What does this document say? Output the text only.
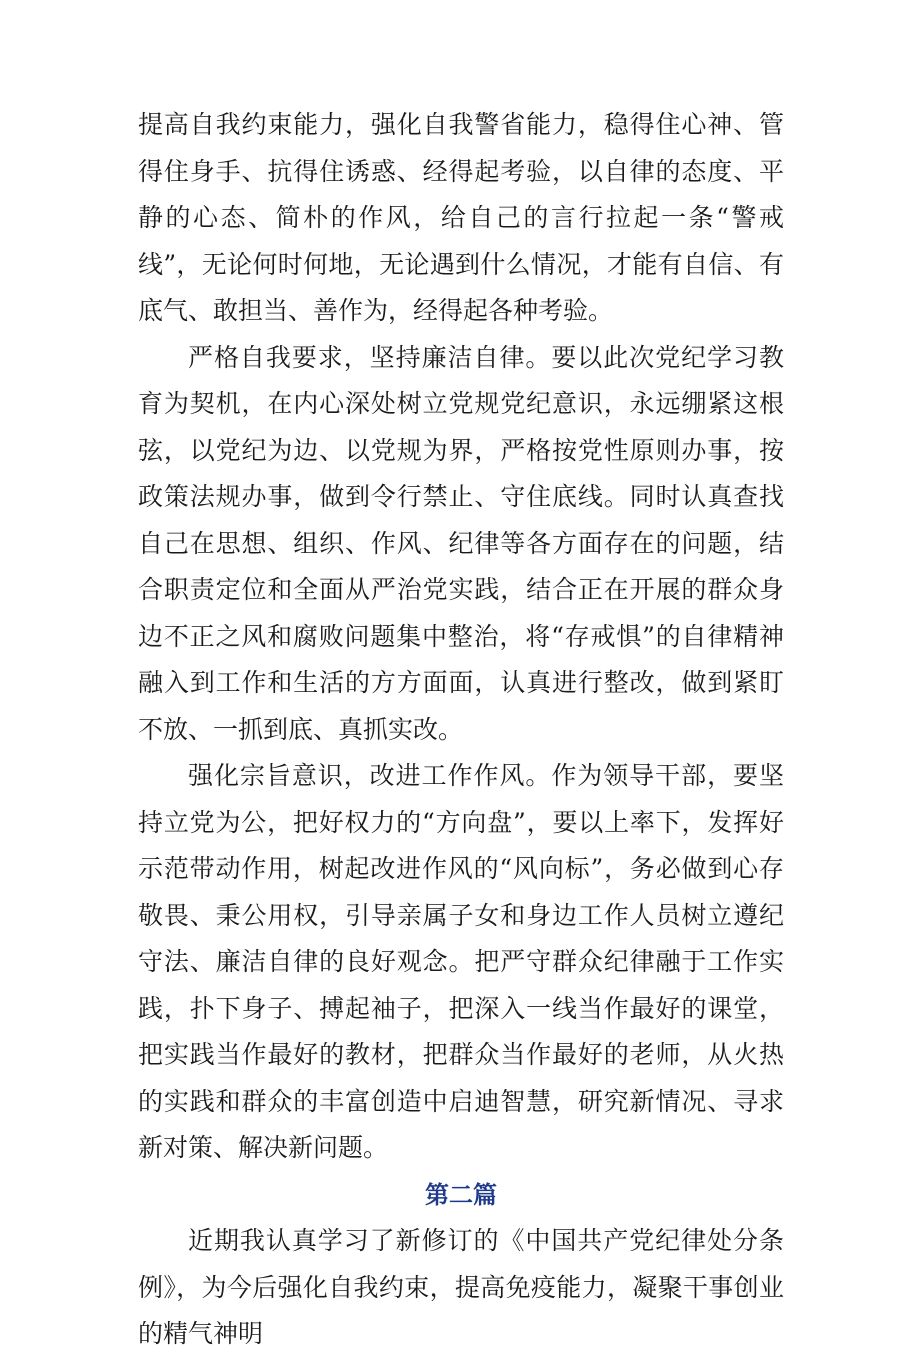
提高自我约束能力，强化自我警省能力，稳得住心神、管得住身手、抗得住诱惑、经得起考验，以自律的态度、平静的心态、简朴的作风，给自己的言行拉起一条“警戒线”，无论何时何地，无论遇到什么情况，才能有自信、有底气、敢担当、善作为，经得起各种考验。

严格自我要求，坚持廉洁自律。要以此次党纪学习教育为契机，在内心深处树立党规党纪意识，永远绷紧这根弦，以党纪为边、以党规为界，严格按党性原则办事，按政策法规办事，做到令行禁止、守住底线。同时认真查找自己在思想、组织、作风、纪律等各方面存在的问题，结合职责定位和全面从严治党实践，结合正在开展的群众身边不正之风和腐败问题集中整治，将“存戒惧”的自律精神融入到工作和生活的方方面面，认真进行整改，做到紧盯不放、一抓到底、真抓实改。

强化宗旨意识，改进工作作风。作为领导干部，要坚持立党为公，把好权力的“方向盘”，要以上率下，发挥好示范带动作用，树起改进作风的“风向标”，务必做到心存敬畏、秉公用权，引导亲属子女和身边工作人员树立遵纪守法、廉洁自律的良好观念。把严守群众纪律融于工作实践，扑下身子、搏起袖子，把深入一线当作最好的课堂，把实践当作最好的教材，把群众当作最好的老师，从火热的实践和群众的丰富创造中启迪智慧，研究新情况、寻求新对策、解决新问题。

第二篇

近期我认真学习了新修订的《中国共产党纪律处分条例》，为今后强化自我约束，提高免疫能力，凝聚干事创业的精气神明
